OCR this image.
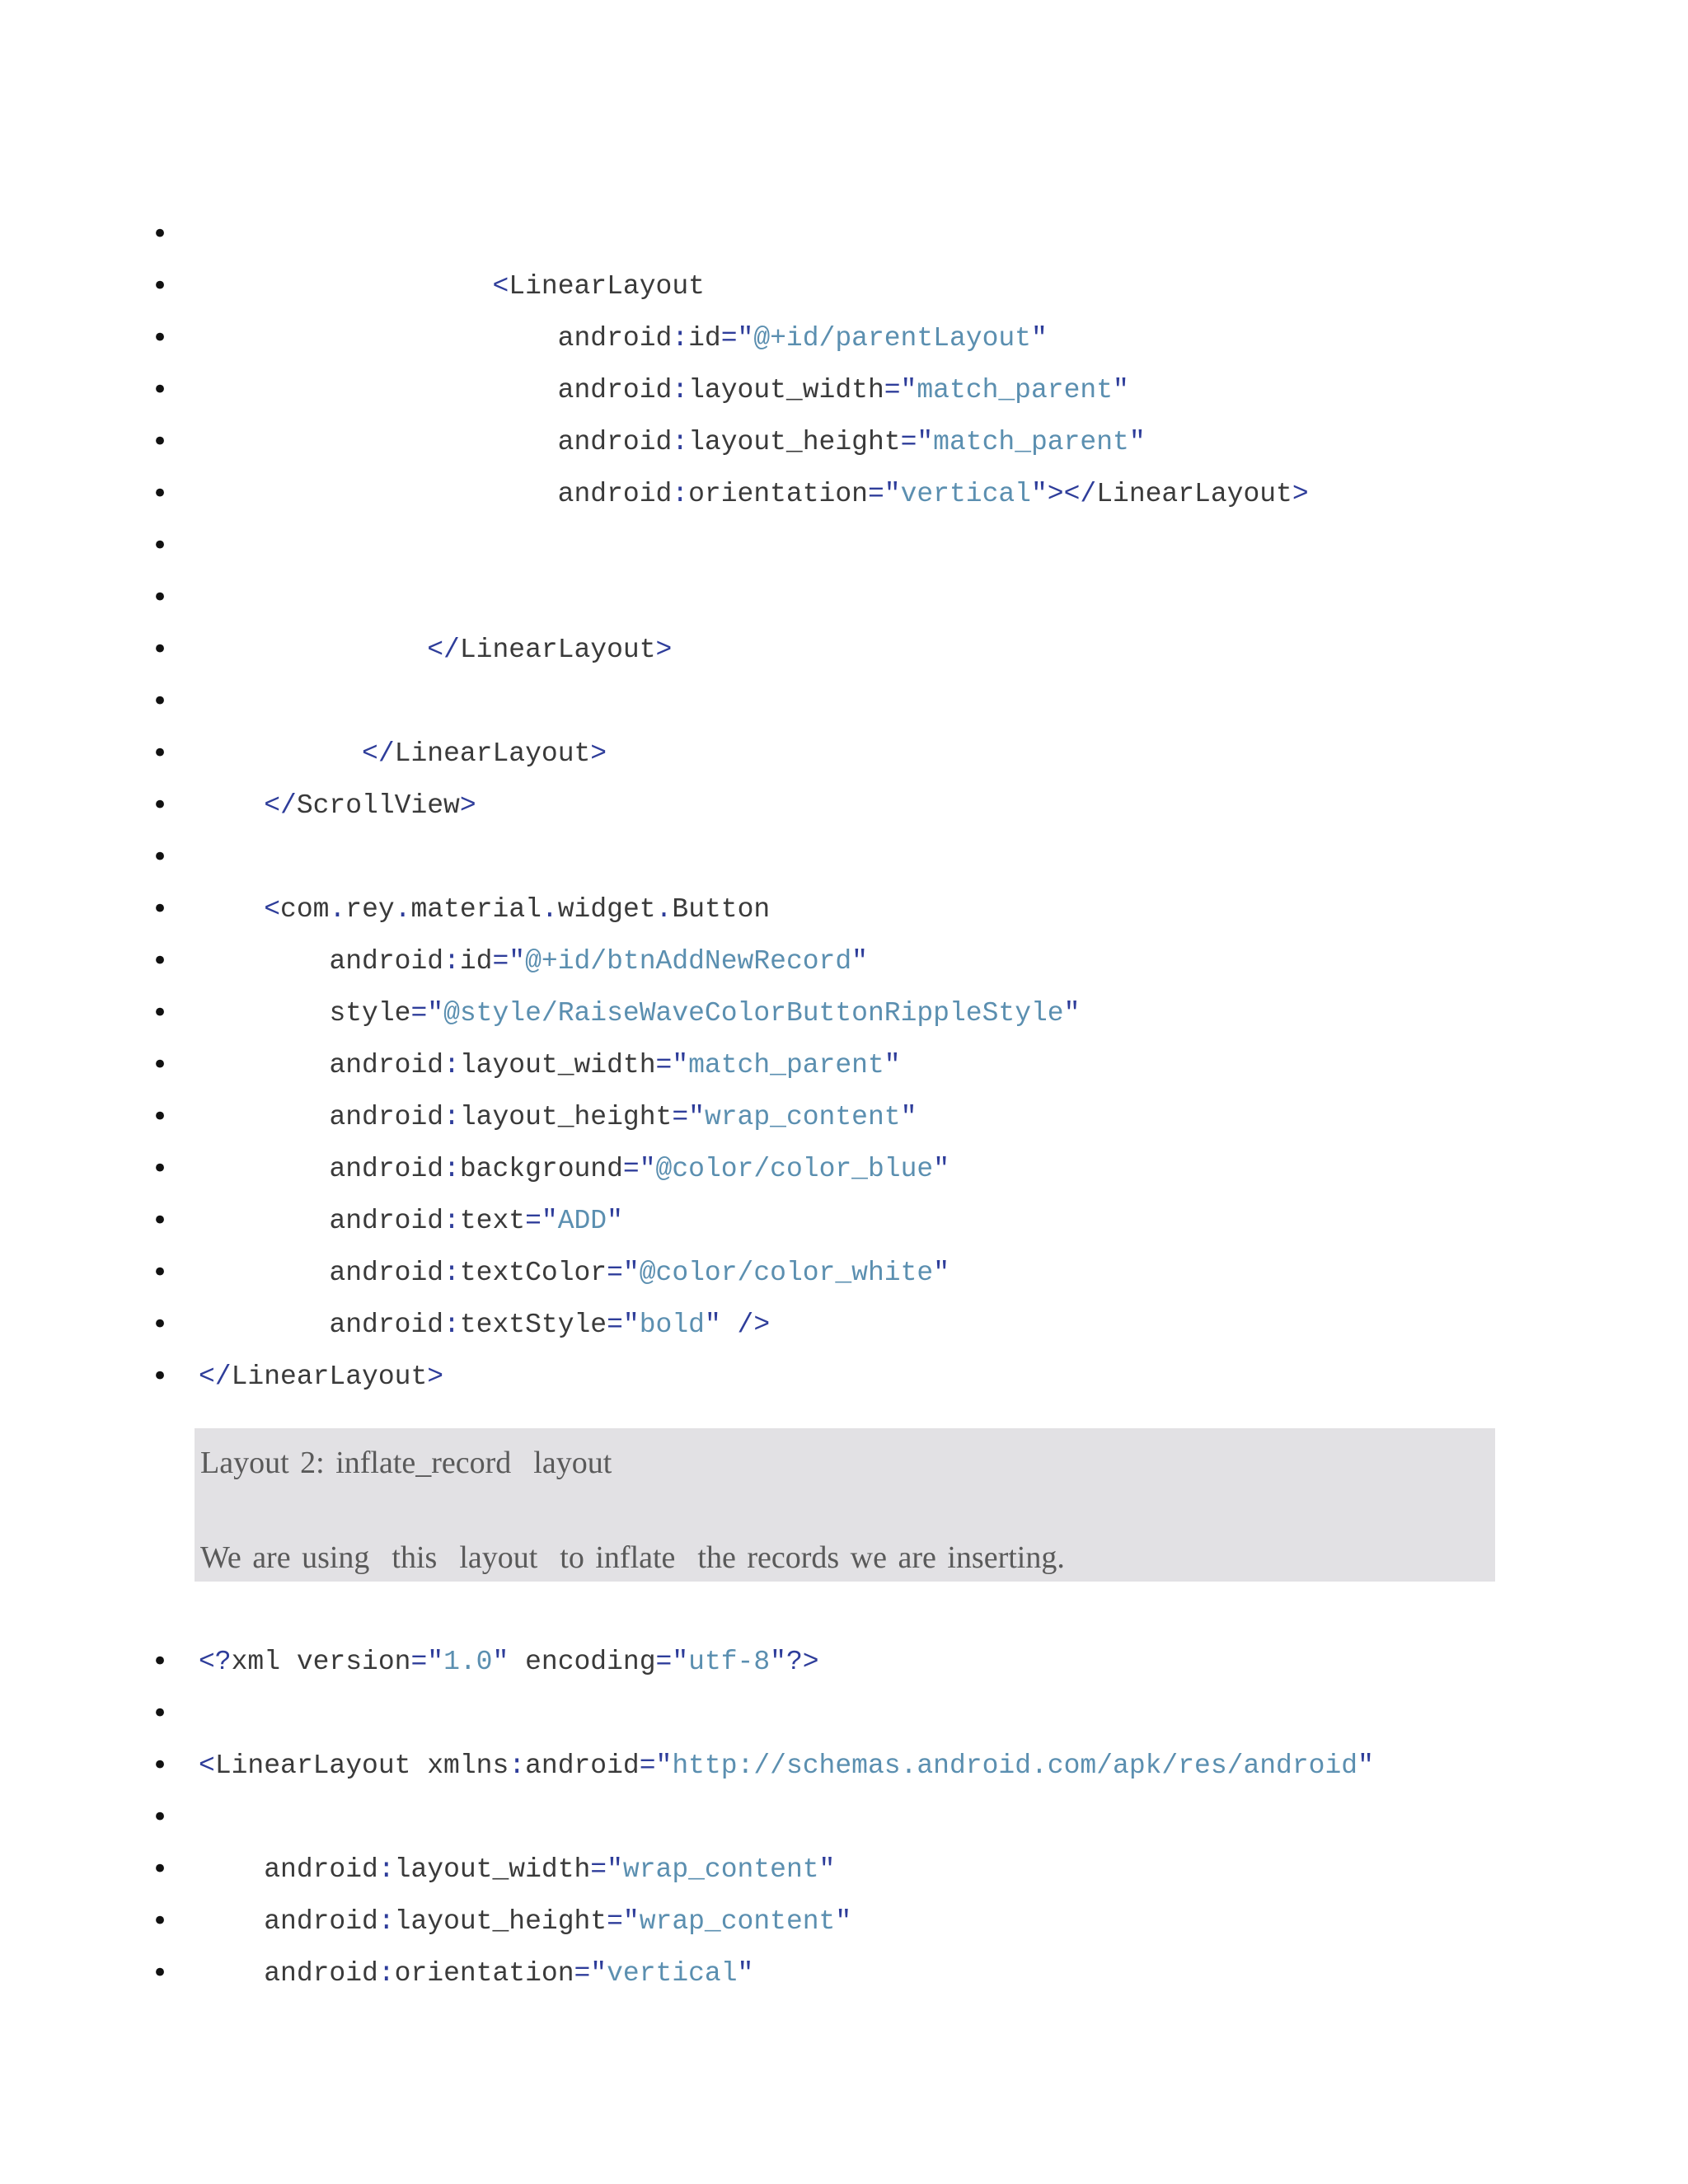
•
•	<LinearLayout
•	android:id="@+id/parentLayout"
•	android:layout_width="match_parent"
•	android:layout_height="match_parent"
•	android:orientation="vertical"></LinearLayout>
•
•
•	</LinearLayout>
•
•	</LinearLayout>
•	</ScrollView>
•
•	<com.rey.material.widget.Button
•	android:id="@+id/btnAddNewRecord"
•	style="@style/RaiseWaveColorButtonRippleStyle"
•	android:layout_width="match_parent"
•	android:layout_height="wrap_content"
•	android:background="@color/color_blue"
•	android:text="ADD"
•	android:textColor="@color/color_white"
•	android:textStyle="bold" />
• </LinearLayout>
Layout 2: inflate_record  layout
We are using  this  layout  to inflate  the records we are inserting.
• <?xml version="1.0" encoding="utf-8"?>
•
• <LinearLayout xmlns:android="http://schemas.android.com/apk/res/android"
•
•	android:layout_width="wrap_content"
•	android:layout_height="wrap_content"
•	android:orientation="vertical"
